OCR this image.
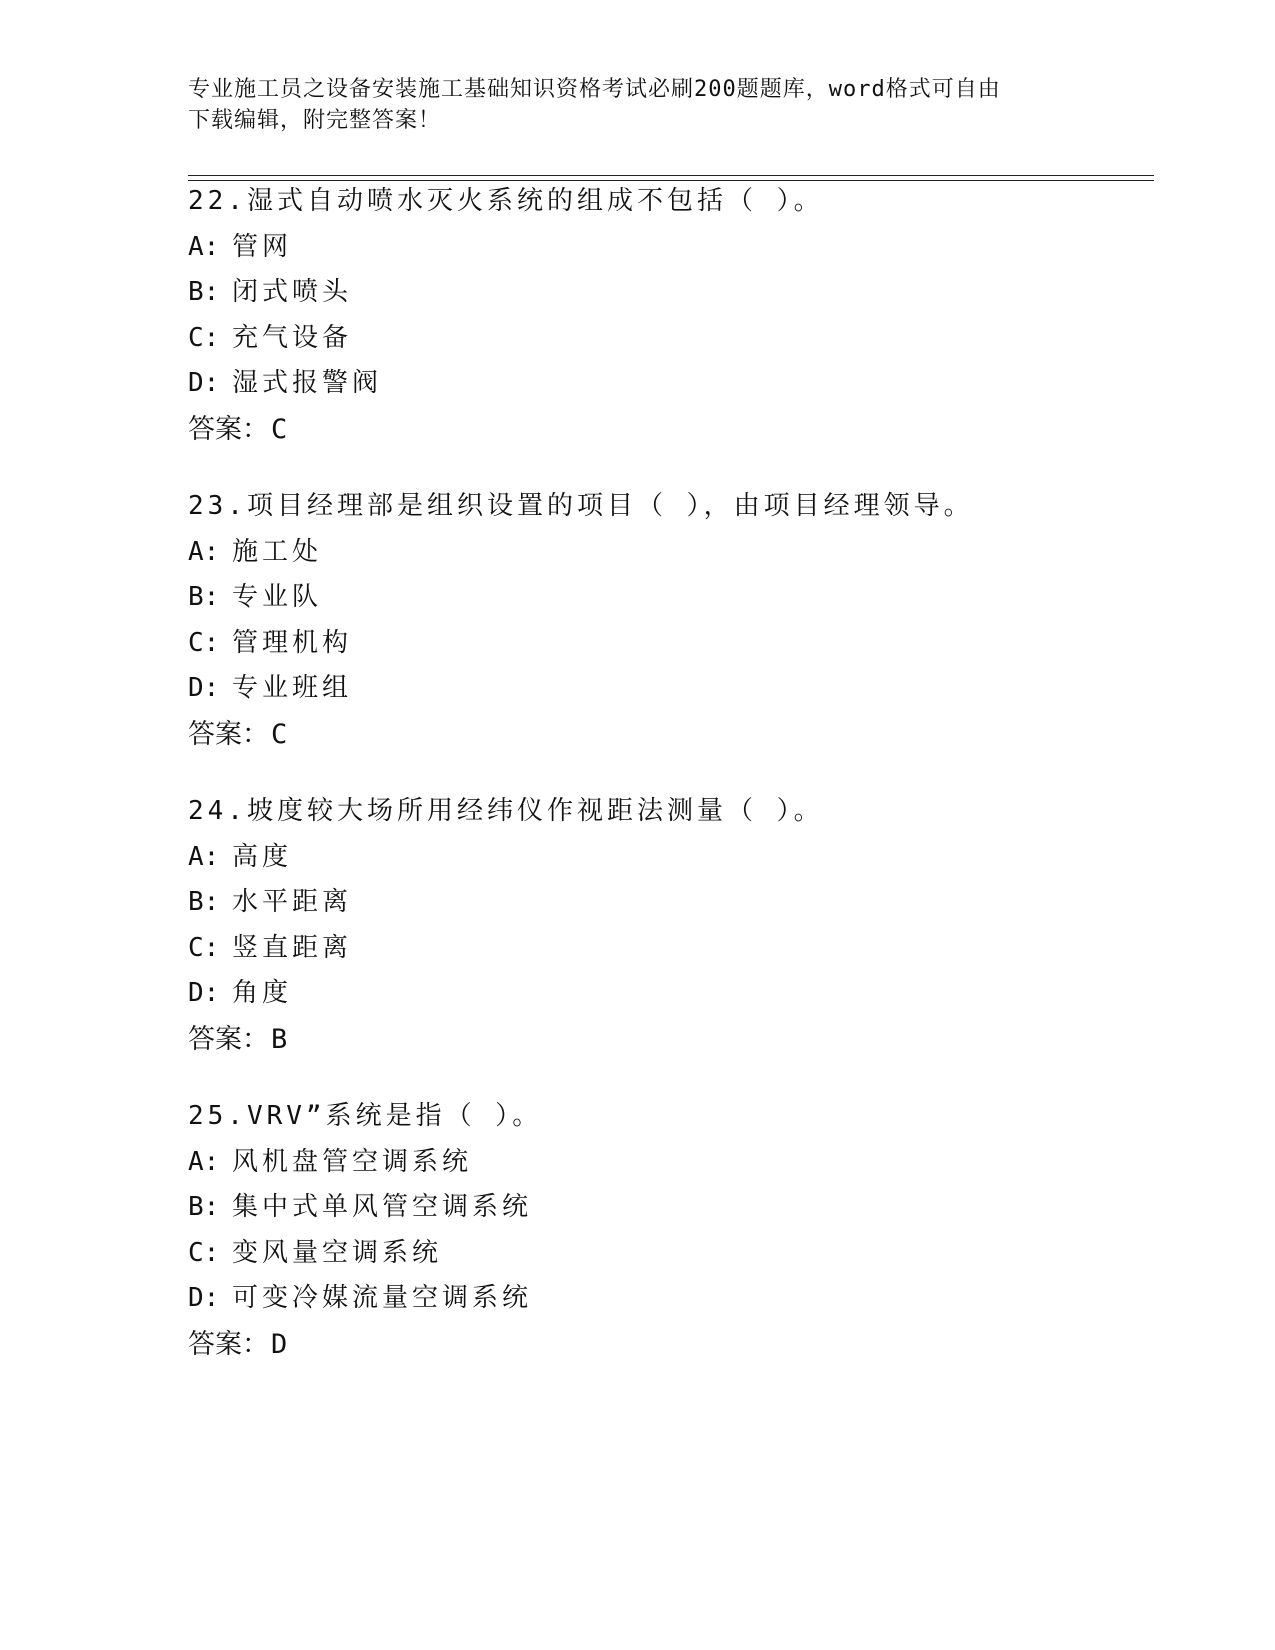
专业施工员之设备安装施工基础知识资格考试必刷200题题库，word格式可自由
下载编辑，附完整答案！
22.湿式自动喷水灭火系统的组成不包括（ ）。
A: 管网
B: 闭式喷头
C: 充气设备
D: 湿式报警阀
答案：C
23.项目经理部是组织设置的项目（ ），由项目经理领导。
A: 施工处
B: 专业队
C: 管理机构
D: 专业班组
答案：C
24.坡度较大场所用经纬仪作视距法测量（ ）。
A: 高度
B: 水平距离
C: 竖直距离
D: 角度
答案：B
25.VRV”系统是指（ ）。
A: 风机盘管空调系统
B: 集中式单风管空调系统
C: 变风量空调系统
D: 可变冷媒流量空调系统
答案：D
